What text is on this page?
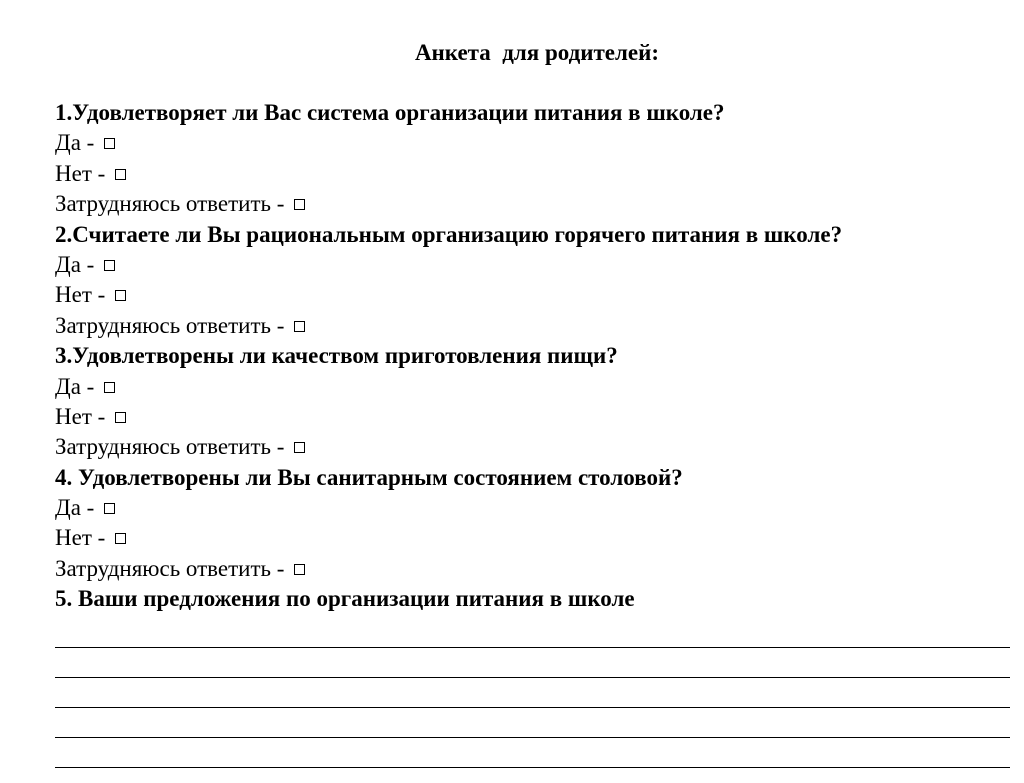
Анкета  для родителей:
1.Удовлетворяет ли Вас система организации питания в школе?
Да -
Нет -
Затрудняюсь ответить -
2.Считаете ли Вы рациональным организацию горячего питания в школе?
Да -
Нет -
Затрудняюсь ответить -
3.Удовлетворены ли качеством приготовления пищи?
Да -
Нет -
Затрудняюсь ответить -
4. Удовлетворены ли Вы санитарным состоянием столовой?
Да -
Нет -
Затрудняюсь ответить -
5. Ваши предложения по организации питания в школе
